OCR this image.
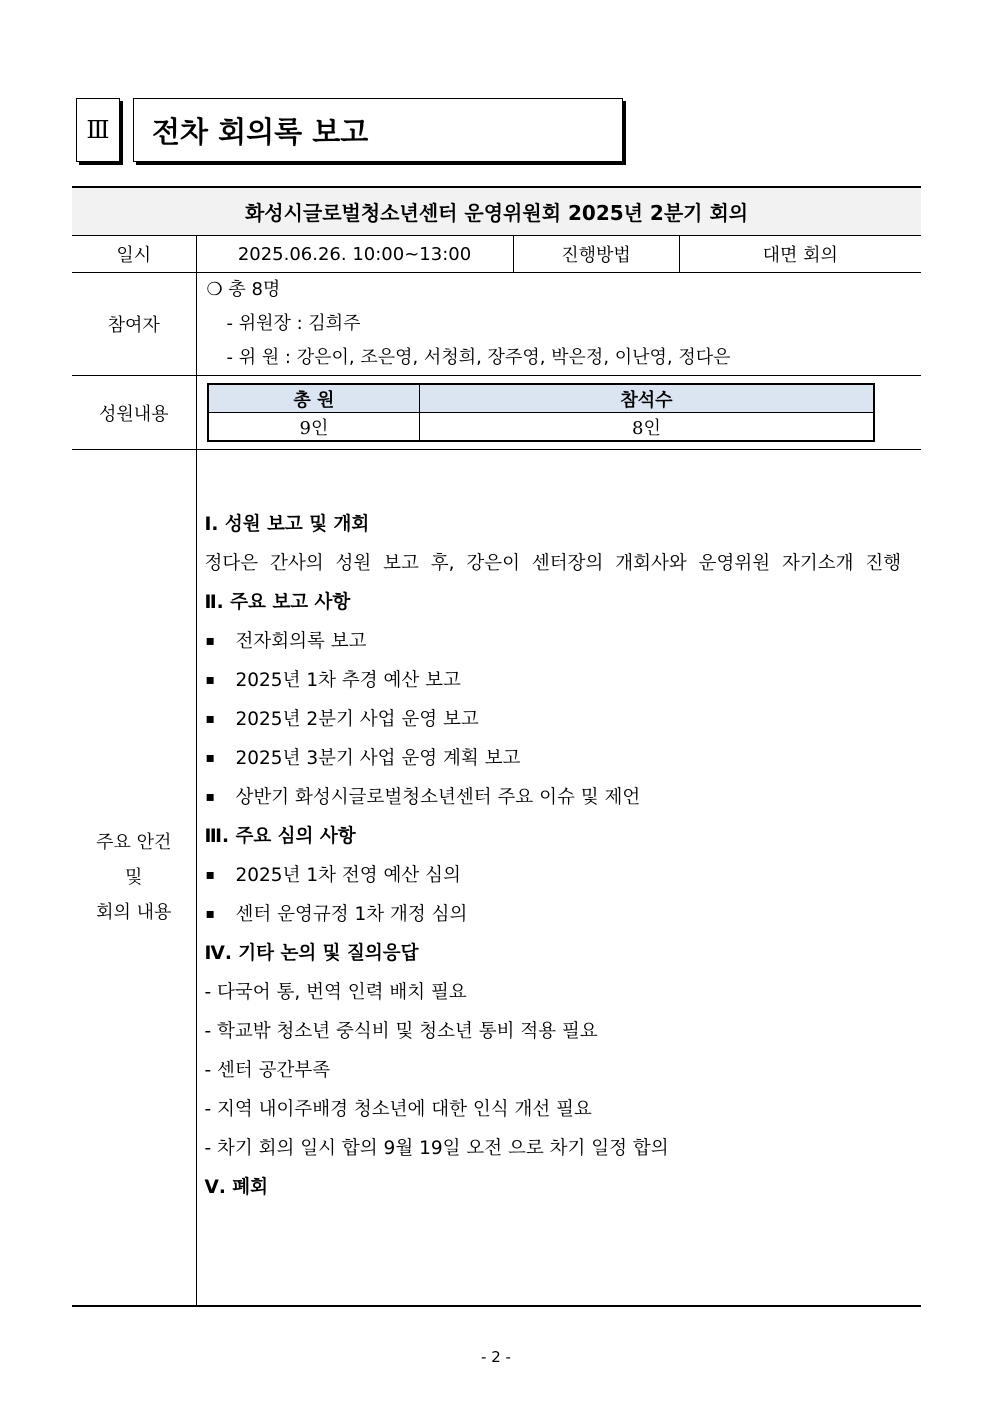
Ⅲ 전차 회의록 보고
화성시글로벌청소년센터 운영위원회 2025년 2분기 회의
일시	2025.06.26. 10:00~13:00	진행방법	대면 회의
참여자	
❍ 총 8명
- 위원장 : 김희주
- 위 원 : 강은이, 조은영, 서청희, 장주영, 박은정, 이난영, 정다은

성원내용	
총 원	참석수
9인	8인

주요 안건
및
회의 내용

Ⅰ. 성원 보고 및 개회
정다은 간사의 성원 보고 후, 강은이 센터장의 개회사와 운영위원 자기소개 진행
Ⅱ. 주요 보고 사항
▪ 전자회의록 보고
▪ 2025년 1차 추경 예산 보고
▪ 2025년 2분기 사업 운영 보고
▪ 2025년 3분기 사업 운영 계획 보고
▪ 상반기 화성시글로벌청소년센터 주요 이슈 및 제언
Ⅲ. 주요 심의 사항
▪ 2025년 1차 전영 예산 심의
▪ 센터 운영규정 1차 개정 심의
Ⅳ. 기타 논의 및 질의응답
- 다국어 통, 번역 인력 배치 필요
- 학교밖 청소년 중식비 및 청소년 통비 적용 필요
- 센터 공간부족
- 지역 내이주배경 청소년에 대한 인식 개선 필요
- 차기 회의 일시 합의 9월 19일 오전 으로 차기 일정 합의
Ⅴ. 폐회
- 2 -
